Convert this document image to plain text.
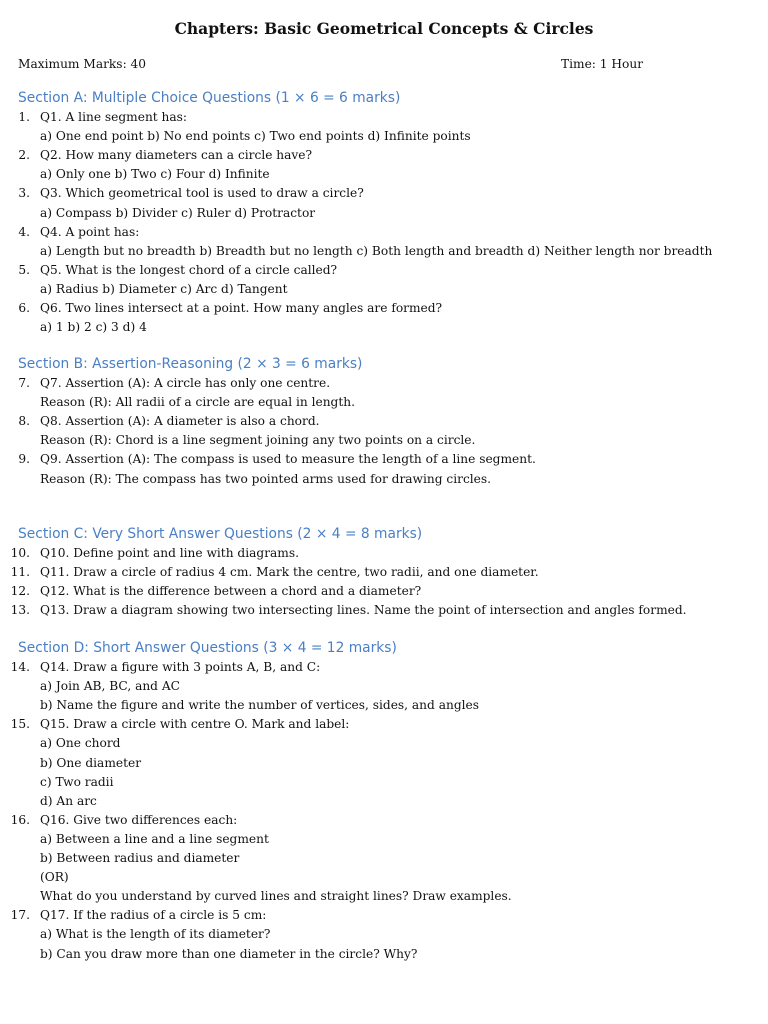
Chapters: Basic Geometrical Concepts & Circles
Maximum Marks: 40	Time: 1 Hour
Section A: Multiple Choice Questions (1 × 6 = 6 marks)
1. Q1. A line segment has:
a) One end point b) No end points c) Two end points d) Infinite points
2. Q2. How many diameters can a circle have?
a) Only one b) Two c) Four d) Infinite
3. Q3. Which geometrical tool is used to draw a circle?
a) Compass b) Divider c) Ruler d) Protractor
4. Q4. A point has:
a) Length but no breadth b) Breadth but no length c) Both length and breadth d) Neither length nor breadth
5. Q5. What is the longest chord of a circle called?
a) Radius b) Diameter c) Arc d) Tangent
6. Q6. Two lines intersect at a point. How many angles are formed?
a) 1 b) 2 c) 3 d) 4
Section B: Assertion-Reasoning (2 × 3 = 6 marks)
7. Q7. Assertion (A): A circle has only one centre.
Reason (R): All radii of a circle are equal in length.
8. Q8. Assertion (A): A diameter is also a chord.
Reason (R): Chord is a line segment joining any two points on a circle.
9. Q9. Assertion (A): The compass is used to measure the length of a line segment.
Reason (R): The compass has two pointed arms used for drawing circles.
Section C: Very Short Answer Questions (2 × 4 = 8 marks)
10. Q10. Define point and line with diagrams.
11. Q11. Draw a circle of radius 4 cm. Mark the centre, two radii, and one diameter.
12. Q12. What is the difference between a chord and a diameter?
13. Q13. Draw a diagram showing two intersecting lines. Name the point of intersection and angles formed.
Section D: Short Answer Questions (3 × 4 = 12 marks)
14. Q14. Draw a figure with 3 points A, B, and C:
a) Join AB, BC, and AC
b) Name the figure and write the number of vertices, sides, and angles
15. Q15. Draw a circle with centre O. Mark and label:
a) One chord
b) One diameter
c) Two radii
d) An arc
16. Q16. Give two differences each:
a) Between a line and a line segment
b) Between radius and diameter
(OR)
What do you understand by curved lines and straight lines? Draw examples.
17. Q17. If the radius of a circle is 5 cm:
a) What is the length of its diameter?
b) Can you draw more than one diameter in the circle? Why?
